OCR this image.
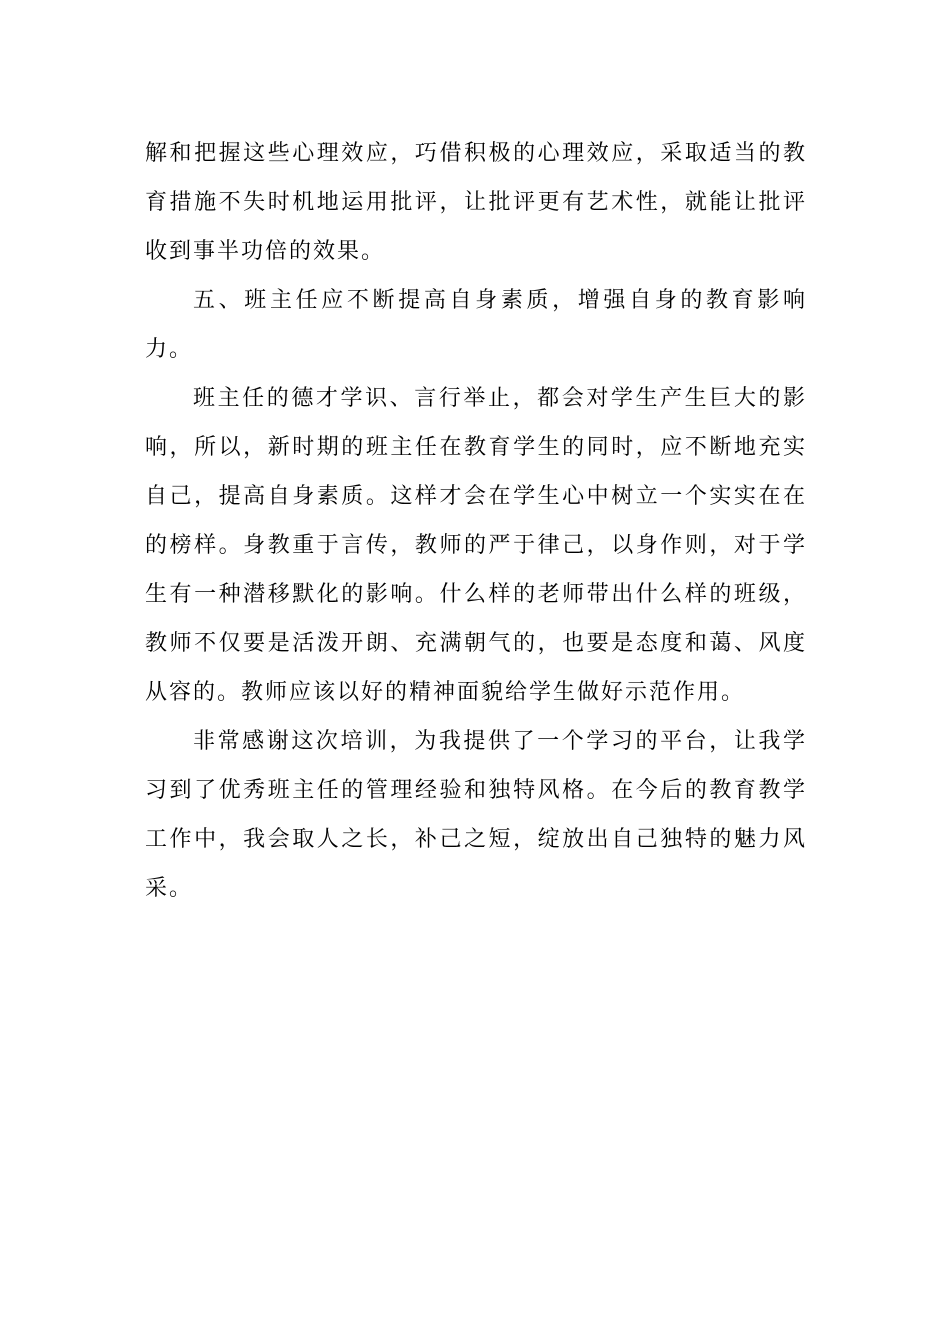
解和把握这些心理效应，巧借积极的心理效应，采取适当的教育措施不失时机地运用批评，让批评更有艺术性，就能让批评收到事半功倍的效果。

五、班主任应不断提高自身素质，增强自身的教育影响力。

班主任的德才学识、言行举止，都会对学生产生巨大的影响，所以，新时期的班主任在教育学生的同时，应不断地充实自己，提高自身素质。这样才会在学生心中树立一个实实在在的榜样。身教重于言传，教师的严于律己，以身作则，对于学生有一种潜移默化的影响。什么样的老师带出什么样的班级，教师不仅要是活泼开朗、充满朝气的，也要是态度和蔼、风度从容的。教师应该以好的精神面貌给学生做好示范作用。

非常感谢这次培训，为我提供了一个学习的平台，让我学习到了优秀班主任的管理经验和独特风格。在今后的教育教学工作中，我会取人之长，补己之短，绽放出自己独特的魅力风采。
